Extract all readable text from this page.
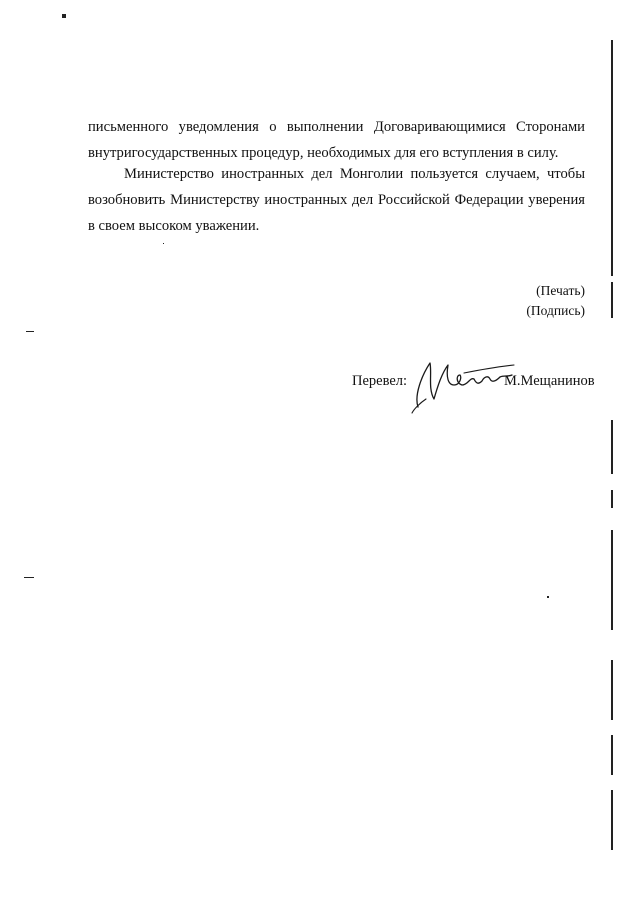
письменного уведомления о выполнении Договаривающимися Сторонами внутригосударственных процедур, необходимых для его вступления в силу.

Министерство иностранных дел Монголии пользуется случаем, чтобы возобновить Министерству иностранных дел Российской Федерации уверения в своем высоком уважении.

(Печать)
(Подпись)
Перевел:	М.Мещанинов
